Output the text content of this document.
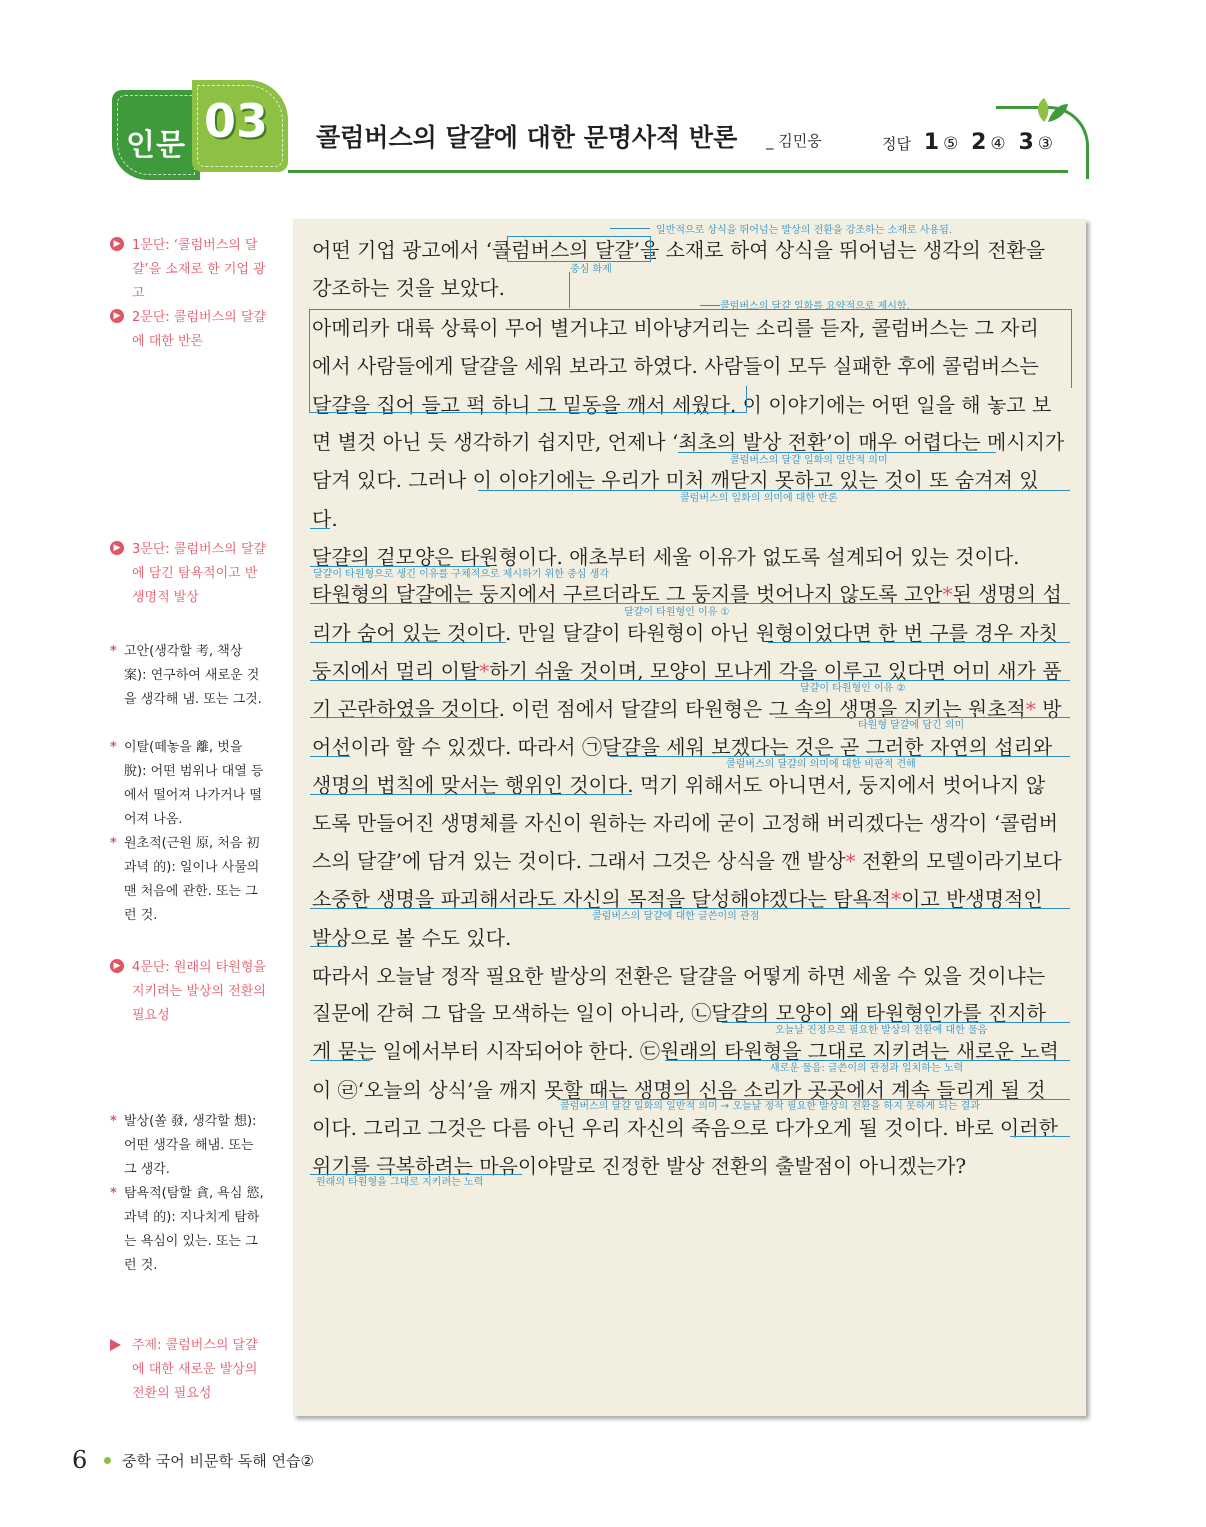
인문 03 콜럼버스의 달걀에 대한 문명사적 반론 _ 김민웅	정답 1 ⑤ 2 ④ 3 ③
▶ 1문단: ‘콜럼버스의 달걀’을 소재로 한 기업 광고
▶ 2문단: 콜럼버스의 달걀에 대한 반론
▶ 3문단: 콜럼버스의 달걀에 담긴 탐욕적이고 반생명적 발상
* 고안(생각할 考, 책상 案): 연구하여 새로운 것을 생각해 냄. 또는 그것.
* 이탈(떼놓을 離, 벗을 脫): 어떤 범위나 대열 등에서 떨어져 나가거나 떨어져 나옴.
* 원초적(근원 原, 처음 初 과녁 的): 일이나 사물의 맨 처음에 관한. 또는 그런 것.
▶ 4문단: 원래의 타원형을 지키려는 발상의 전환의 필요성
* 발상(쏠 發, 생각할 想): 어떤 생각을 해냄. 또는 그 생각.
* 탐욕적(탐할 貪, 욕심 慾, 과녁 的): 지나치게 탐하는 욕심이 있는. 또는 그런 것.
주제: 콜럼버스의 달걀에 대한 새로운 발상의 전환의 필요성
어떤 기업 광고에서 ‘콜럼버스의 달걀’을 소재로 하여 상식을 뛰어넘는 생각의 전환을
강조하는 것을 보았다.
아메리카 대륙 상륙이 무어 별거냐고 비아냥거리는 소리를 듣자, 콜럼버스는 그 자리
에서 사람들에게 달걀을 세워 보라고 하였다. 사람들이 모두 실패한 후에 콜럼버스는
달걀을 집어 들고 퍽 하니 그 밑동을 깨서 세웠다. 이 이야기에는 어떤 일을 해 놓고 보
면 별것 아닌 듯 생각하기 쉽지만, 언제나 ‘최초의 발상 전환’이 매우 어렵다는 메시지가
담겨 있다. 그러나 이 이야기에는 우리가 미처 깨닫지 못하고 있는 것이 또 숨겨져 있
다.
달걀의 겉모양은 타원형이다. 애초부터 세울 이유가 없도록 설계되어 있는 것이다.
타원형의 달걀에는 둥지에서 구르더라도 그 둥지를 벗어나지 않도록 고안*된 생명의 섭
리가 숨어 있는 것이다. 만일 달걀이 타원형이 아닌 원형이었다면 한 번 구를 경우 자칫
둥지에서 멀리 이탈*하기 쉬울 것이며, 모양이 모나게 각을 이루고 있다면 어미 새가 품
기 곤란하였을 것이다. 이런 점에서 달걀의 타원형은 그 속의 생명을 지키는 원초적* 방
어선이라 할 수 있겠다. 따라서 ㉠달걀을 세워 보겠다는 것은 곧 그러한 자연의 섭리와
생명의 법칙에 맞서는 행위인 것이다. 먹기 위해서도 아니면서, 둥지에서 벗어나지 않
도록 만들어진 생명체를 자신이 원하는 자리에 굳이 고정해 버리겠다는 생각이 ‘콜럼버
스의 달걀’에 담겨 있는 것이다. 그래서 그것은 상식을 깬 발상* 전환의 모델이라기보다
소중한 생명을 파괴해서라도 자신의 목적을 달성해야겠다는 탐욕적*이고 반생명적인
발상으로 볼 수도 있다.
따라서 오늘날 정작 필요한 발상의 전환은 달걀을 어떻게 하면 세울 수 있을 것이냐는
질문에 갇혀 그 답을 모색하는 일이 아니라, ㉡달걀의 모양이 왜 타원형인가를 진지하
게 묻는 일에서부터 시작되어야 한다. ㉢원래의 타원형을 그대로 지키려는 새로운 노력
이 ㉣‘오늘의 상식’을 깨지 못할 때는 생명의 신음 소리가 곳곳에서 계속 들리게 될 것
이다. 그리고 그것은 다름 아닌 우리 자신의 죽음으로 다가오게 될 것이다. 바로 이러한
위기를 극복하려는 마음이야말로 진정한 발상 전환의 출발점이 아니겠는가?
일반적으로 상식을 뛰어넘는 발상의 전환을 강조하는 소재로 사용됨.
중심 화제
콜럼버스의 달걀 일화를 요약적으로 제시함.
콜럼버스의 달걀 일화의 일반적 의미
콜럼버스의 일화의 의미에 대한 반론
달걀이 타원형으로 생긴 이유를 구체적으로 제시하기 위한 중심 생각
달걀이 타원형인 이유 ①
달걀이 타원형인 이유 ②
타원형 달걀에 담긴 의미
콜럼버스의 달걀의 의미에 대한 비판적 견해
콜럼버스의 달걀에 대한 글쓴이의 관점
오늘날 진정으로 필요한 발상의 전환에 대한 물음
새로운 물음: 글쓴이의 관점과 일치하는 노력
콜럼버스의 달걀 일화의 일반적 의미 → 오늘날 정작 필요한 발상의 전환을 하지 못하게 되는 결과
원래의 타원형을 그대로 지키려는 노력
6 중학 국어 비문학 독해 연습②
